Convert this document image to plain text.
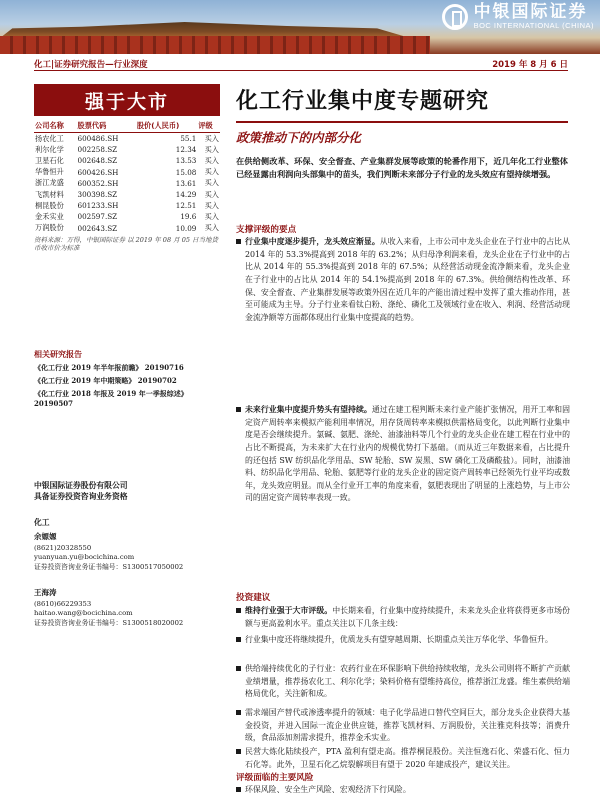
中银国际证券
BOC INTERNATIONAL (CHINA)
化工|证券研究报告—行业深度	2019 年 8 月 6 日
强于大市
公司名称	股票代码	股价(人民币)	评级
扬农化工	600486.SH	55.1	买入
利尔化学	002258.SZ	12.34	买入
卫星石化	002648.SZ	13.53	买入
华鲁恒升	600426.SH	15.08	买入
浙江龙盛	600352.SH	13.61	买入
飞凯材料	300398.SZ	14.29	买入
桐昆股份	601233.SH	12.51	买入
金禾实业	002597.SZ	19.6	买入
万润股份	002643.SZ	10.09	买入
资料来源：万得，中银国际证券 以 2019 年 08 月 05 日当地货币收市价为标准
相关研究报告
《化工行业 2019 年半年报前瞻》 20190716
《化工行业 2019 年中期策略》 20190702
《化工行业 2018 年报及 2019 年一季报综述》 20190507
中银国际证券股份有限公司
具备证券投资咨询业务资格
化工
余嫄嫄
(8621)20328550
yuanyuan.yu@bocichina.com
证券投资咨询业务证书编号：S1300517050002
王海涛
(8610)66229353
haitao.wang@bocichina.com
证券投资咨询业务证书编号：S1300518020002
化工行业集中度专题研究
政策推动下的内部分化
在供给侧改革、环保、安全督查、产业集群发展等政策的轮番作用下，近几年化工行业整体已经显露由利润向头部集中的苗头，我们判断未来部分子行业的龙头效应有望持续增强。
支撑评级的要点
行业集中度逐步提升，龙头效应渐显。从收入来看，上市公司中龙头企业在子行业中的占比从 2014 年的 53.3%提高到 2018 年的 63.2%；从归母净利润来看，龙头企业在子行业中的占比从 2014 年的 55.3%提高到 2018 年的 67.5%；从经营活动现金流净额来看，龙头企业在子行业中的占比从 2014 年的 54.1%提高到 2018 年的 67.3%。供给侧结构性改革、环保、安全督查、产业集群发展等政策外因在近几年的产能出清过程中发挥了重大推动作用，甚至可能成为主导。分子行业来看钛白粉、涤纶、磷化工及领域行业在收入、利润、经营活动现金流净额等方面都体现出行业集中度提高的趋势。
未来行业集中度提升势头有望持续。通过在建工程判断未来行业产能扩张情况，用开工率和固定资产周转率来模拟产能利用率情况，用存货周转率来模拟供需格局变化，以此判断行业集中度是否会继续提升。氯碱、氨肥、涤纶、油漆油料等几个行业的龙头企业在建工程在行业中的占比不断提高，为未来扩大在行业内的规模优势打下基础。（而从近三年数据来看，占比提升的还包括 SW 纺织品化学用品、SW 轮胎、SW 炭黑、SW 磷化工及磷酸盐）。同时，油漆油料、纺织品化学用品、轮胎、氨肥等行业的龙头企业的固定资产周转率已经领先行业平均或数年，龙头效应明显。而从全行业开工率的角度来看，氨肥表现出了明显的上涨趋势，与上市公司的固定资产周转率表现一致。
投资建议
维持行业强于大市评级。中长期来看，行业集中度持续提升，未来龙头企业将获得更多市场份额与更高盈利水平。重点关注以下几条主线：
行业集中度还将继续提升，优质龙头有望穿越周期、长期重点关注万华化学、华鲁恒升。
供给端持续优化的子行业：农药行业在环保影响下供给持续收缩，龙头公司则将不断扩产贡献业绩增量，推荐扬农化工、利尔化学；染料价格有望维持高位，推荐浙江龙盛。维生素供给端格局优化，关注新和成。
需求端国产替代或渗透率提升的领域：电子化学品进口替代空间巨大，部分龙头企业获得大基金投资，并进入国际一流企业供应链，推荐飞凯材料、万润股份，关注雅克科技等；消费升级，食品添加剂需求提升，推荐金禾实业。
民营大炼化陆续投产，PTA 盈利有望走高。推荐桐昆股份。关注恒逸石化、荣盛石化、恒力石化等。此外，卫星石化乙烷裂解项目有望于 2020 年建成投产，建议关注。
评级面临的主要风险
环保风险、安全生产风险、宏观经济下行风险。
